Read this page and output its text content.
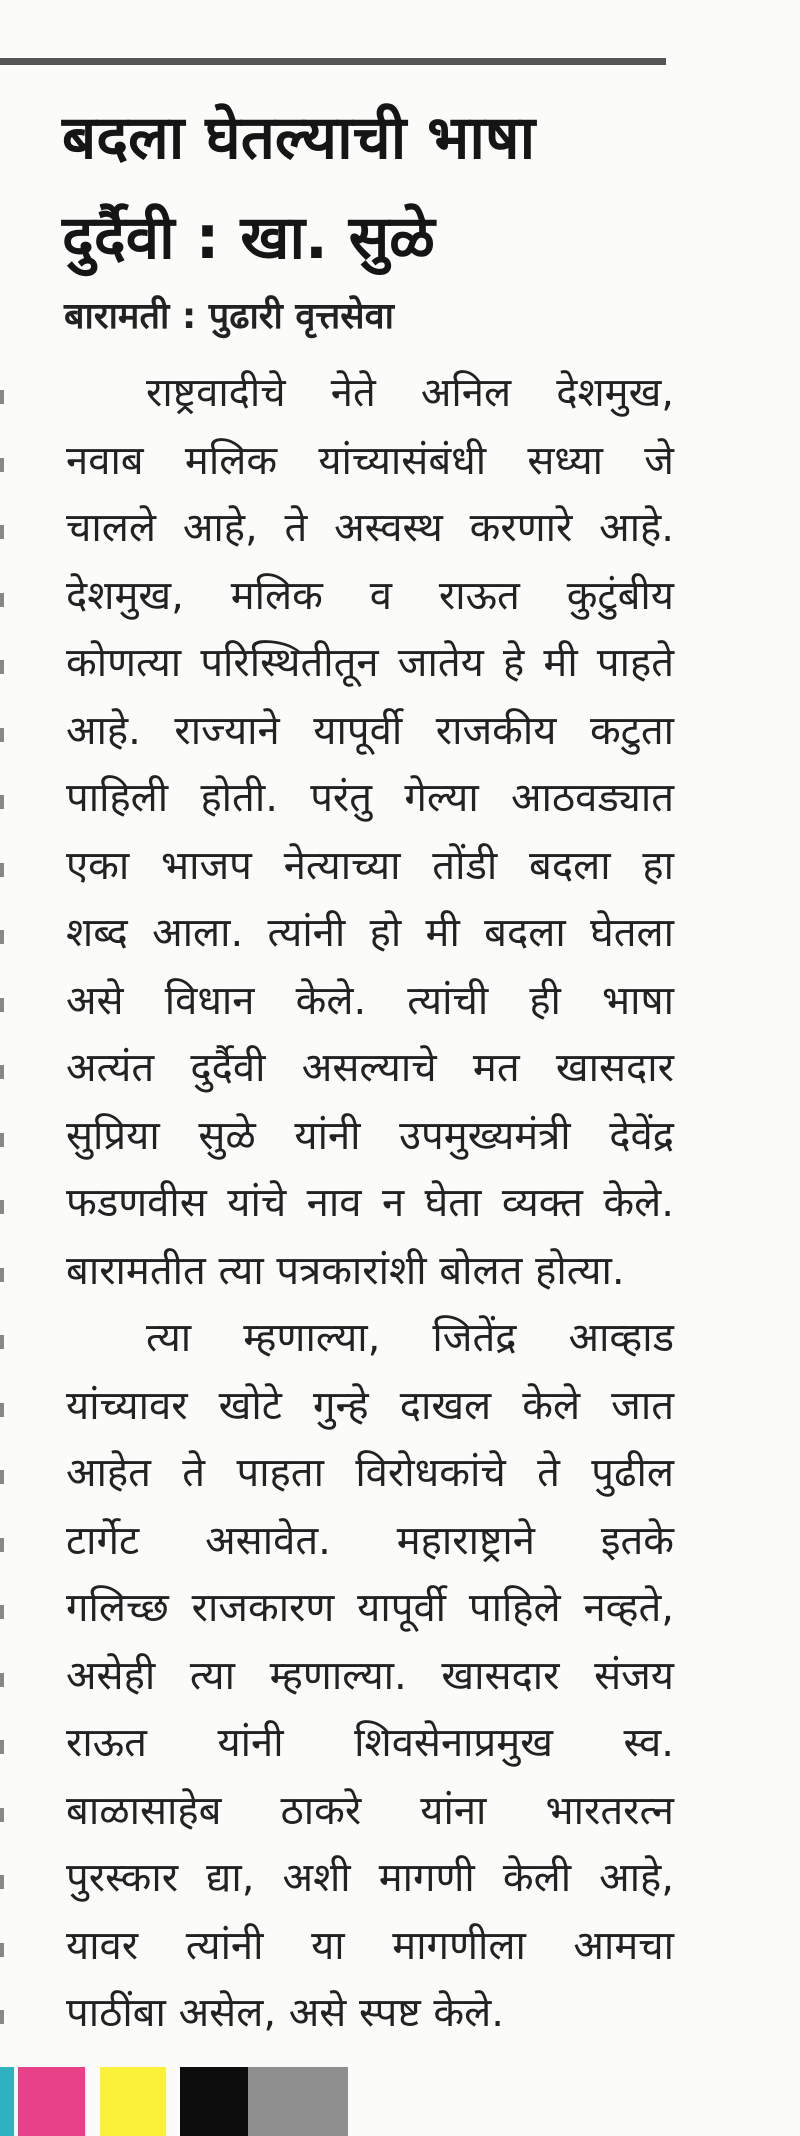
बदला घेतल्याची भाषा
दुर्दैवी : खा. सुळे
बारामती : पुढारी वृत्तसेवा
राष्ट्रवादीचे नेते अनिल देशमुख,
नवाब मलिक यांच्यासंबंधी सध्या जे
चालले आहे, ते अस्वस्थ करणारे आहे.
देशमुख, मलिक व राऊत कुटुंबीय
कोणत्या परिस्थितीतून जातेय हे मी पाहते
आहे. राज्याने यापूर्वी राजकीय कटुता
पाहिली होती. परंतु गेल्या आठवड्यात
एका भाजप नेत्याच्या तोंडी बदला हा
शब्द आला. त्यांनी हो मी बदला घेतला
असे विधान केले. त्यांची ही भाषा
अत्यंत दुर्दैवी असल्याचे मत खासदार
सुप्रिया सुळे यांनी उपमुख्यमंत्री देवेंद्र
फडणवीस यांचे नाव न घेता व्यक्त केले.
बारामतीत त्या पत्रकारांशी बोलत होत्या.
त्या म्हणाल्या, जितेंद्र आव्हाड
यांच्यावर खोटे गुन्हे दाखल केले जात
आहेत ते पाहता विरोधकांचे ते पुढील
टार्गेट असावेत. महाराष्ट्राने इतके
गलिच्छ राजकारण यापूर्वी पाहिले नव्हते,
असेही त्या म्हणाल्या. खासदार संजय
राऊत यांनी शिवसेनाप्रमुख स्व.
बाळासाहेब ठाकरे यांना भारतरत्न
पुरस्कार द्या, अशी मागणी केली आहे,
यावर त्यांनी या मागणीला आमचा
पाठींबा असेल, असे स्पष्ट केले.
